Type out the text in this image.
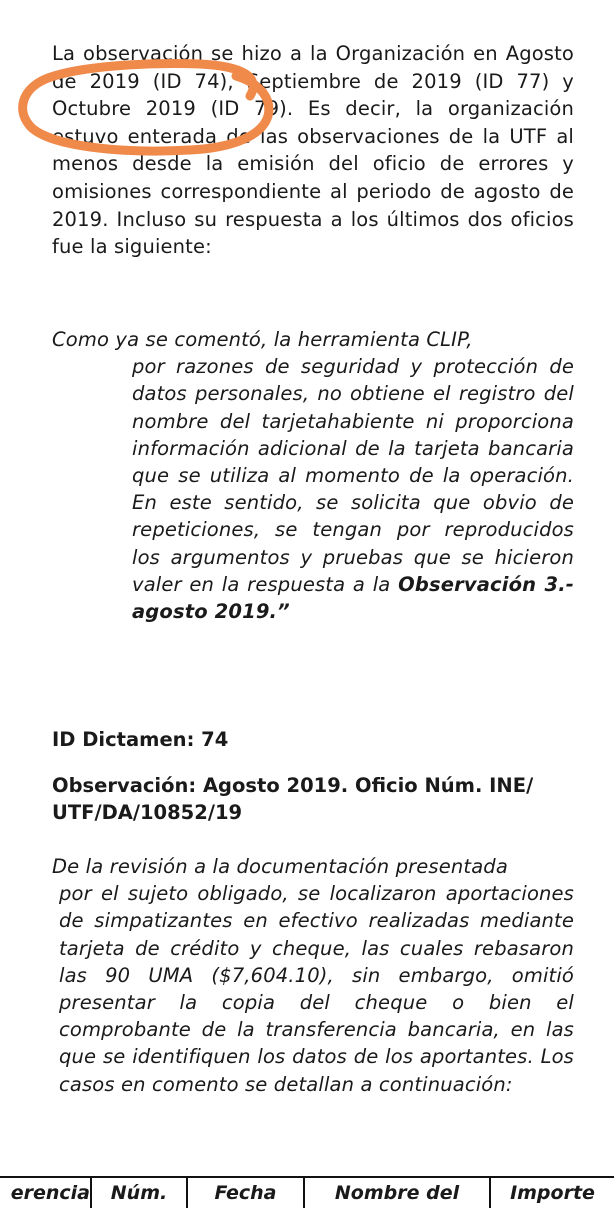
La observación se hizo a la Organización en Agosto de 2019 (ID 74), Septiembre de 2019 (ID 77) y Octubre 2019 (ID 79). Es decir, la organización estuvo enterada de las observaciones de la UTF al menos desde la emisión del oficio de errores y omisiones correspondiente al periodo de agosto de 2019. Incluso su respuesta a los últimos dos oficios fue la siguiente:
Como ya se comentó, la herramienta CLIP,
por razones de seguridad y protección de datos personales, no obtiene el registro del nombre del tarjetahabiente ni proporciona información adicional de la tarjeta bancaria que se utiliza al momento de la operación. En este sentido, se solicita que obvio de repeticiones, se tengan por reproducidos los argumentos y pruebas que se hicieron valer en la respuesta a la Observación 3.- agosto 2019.”
ID Dictamen: 74
Observación: Agosto 2019. Oficio Núm. INE/ UTF/DA/10852/19
De la revisión a la documentación presentada
por el sujeto obligado, se localizaron aportaciones de simpatizantes en efectivo realizadas mediante tarjeta de crédito y cheque, las cuales rebasaron las 90 UMA ($7,604.10), sin embargo, omitió presentar la copia del cheque o bien el comprobante de la transferencia bancaria, en las que se identifiquen los datos de los aportantes. Los casos en comento se detallan a continuación:
erencia	Núm.	Fecha	Nombre del	Importe
